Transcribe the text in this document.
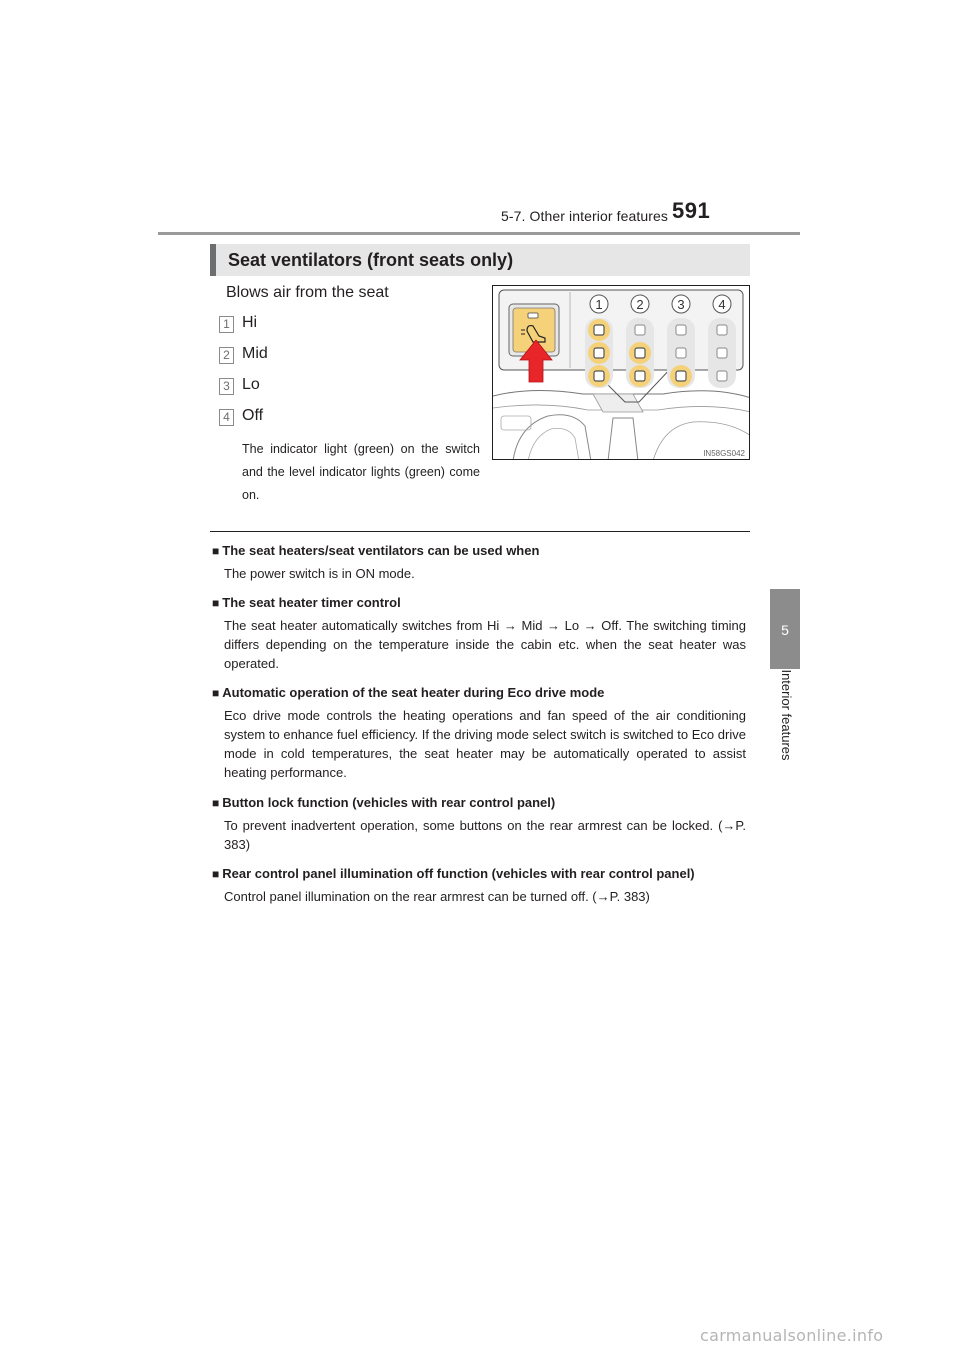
5-7. Other interior features 591
5
Interior features
Seat ventilators (front seats only)
Blows air from the seat
1 Hi
2 Mid
3 Lo
4 Off
The indicator light (green) on the switch and the level indicator lights (green) come on.
1	2	3	4
IN58GS042
■ The seat heaters/seat ventilators can be used when
The power switch is in ON mode.
■ The seat heater timer control
The seat heater automatically switches from Hi → Mid → Lo → Off. The switching timing differs depending on the temperature inside the cabin etc. when the seat heater was operated.
■ Automatic operation of the seat heater during Eco drive mode
Eco drive mode controls the heating operations and fan speed of the air conditioning system to enhance fuel efficiency. If the driving mode select switch is switched to Eco drive mode in cold temperatures, the seat heater may be automatically operated to assist heating performance.
■ Button lock function (vehicles with rear control panel)
To prevent inadvertent operation, some buttons on the rear armrest can be locked. (→P. 383)
■ Rear control panel illumination off function (vehicles with rear control panel)
Control panel illumination on the rear armrest can be turned off. (→P. 383)
carmanualsonline.info
